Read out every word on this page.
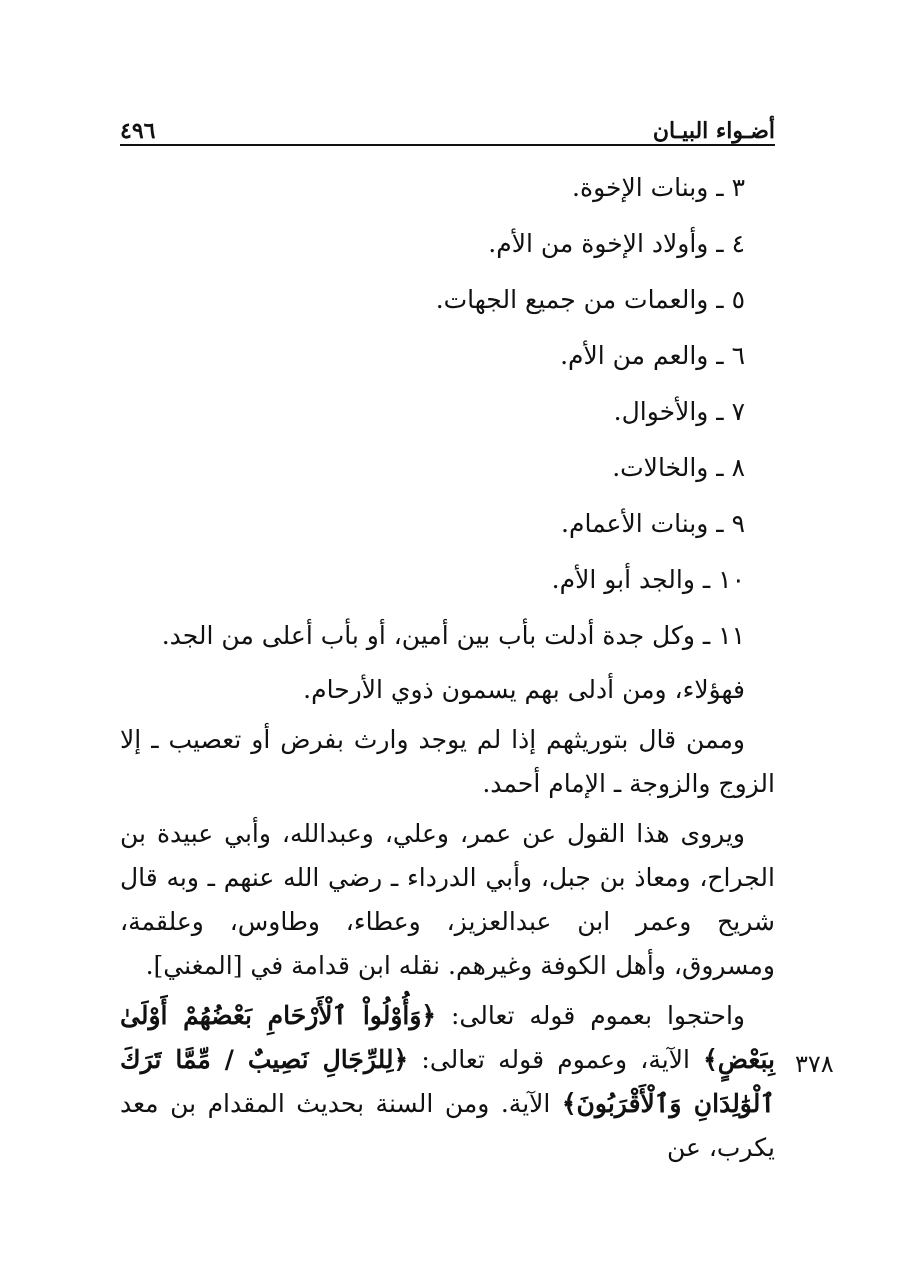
أضـواء البيـان
٤٩٦
٣ ـ وبنات الإخوة.
٤ ـ وأولاد الإخوة من الأم.
٥ ـ والعمات من جميع الجهات.
٦ ـ والعم من الأم.
٧ ـ والأخوال.
٨ ـ والخالات.
٩ ـ وبنات الأعمام.
١٠ ـ والجد أبو الأم.
١١ ـ وكل جدة أدلت بأب بين أمين، أو بأب أعلى من الجد.

فهؤلاء، ومن أدلى بهم يسمون ذوي الأرحام.

وممن قال بتوريثهم إذا لم يوجد وارث بفرض أو تعصيب ـ إلا الزوج والزوجة ـ الإمام أحمد.

ويروى هذا القول عن عمر، وعلي، وعبدالله، وأبي عبيدة بن الجراح، ومعاذ بن جبل، وأبي الدرداء ـ رضي الله عنهم ـ وبه قال شريح وعمر ابن عبدالعزيز، وعطاء، وطاوس، وعلقمة، ومسروق، وأهل الكوفة وغيرهم. نقله ابن قدامة في [المغني].

واحتجوا بعموم قوله تعالى: ﴿وَأُوْلُواْ ٱلْأَرْحَامِ بَعْضُهُمْ أَوْلَىٰ بِبَعْضٍ﴾ الآية، وعموم قوله تعالى: ﴿لِلرِّجَالِ نَصِيبٌ / مِّمَّا تَرَكَ ٱلْوَٰلِدَانِ وَٱلْأَقْرَبُونَ﴾ الآية. ومن السنة بحديث المقدام بن معد يكرب، عن

٣٧٨
